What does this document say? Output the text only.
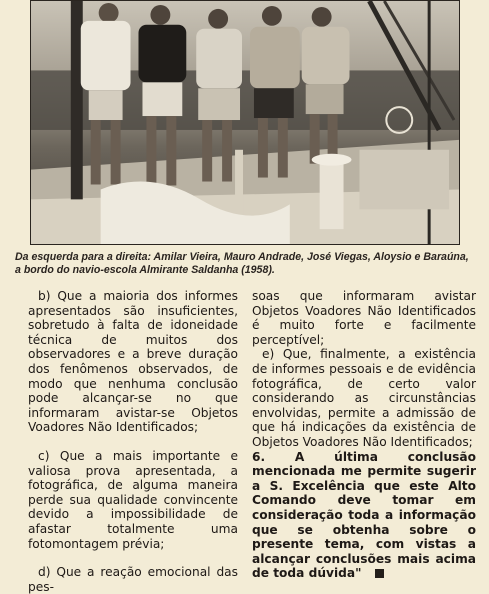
Da esquerda para a direita: Amilar Vieira, Mauro Andrade, José Viegas, Aloysio e Baraúna, a bordo do navio-escola Almirante Saldanha (1958).

b) Que a maioria dos informes apresentados são insuficientes, sobretudo à falta de idoneidade técnica de muitos dos observadores e a breve duração dos fenômenos observados, de modo que nenhuma conclusão pode alcançar-se no que informaram avistar-se Objetos Voadores Não Identificados;

c) Que a mais importante e valiosa prova apresentada, a fotográfica, de alguma maneira perde sua qualidade convincente devido a impossibilidade de afastar totalmente uma fotomontagem prévia;

d) Que a reação emocional das pes-

soas que informaram avistar Objetos Voadores Não Identificados é muito forte e facilmente perceptível;

e) Que, finalmente, a existência de informes pessoais e de evidência fotográfica, de certo valor considerando as circunstâncias envolvidas, permite a admissão de que há indicações da existência de Objetos Voadores Não Identificados;

6. A última conclusão mencionada me permite sugerir a S. Excelência que este Alto Comando deve tomar em consideração toda a informação que se obtenha sobre o presente tema, com vistas a alcançar conclusões mais acima de toda dúvida"
